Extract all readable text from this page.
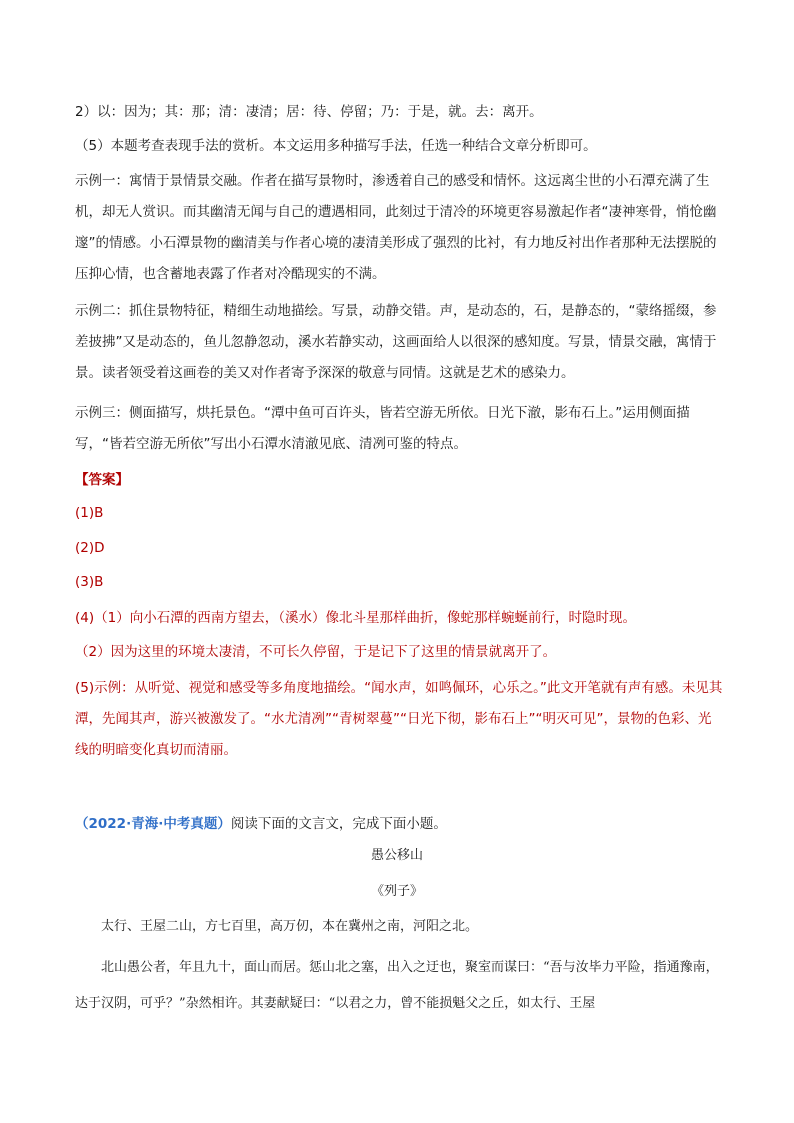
2）以：因为；其：那；清：凄清；居：待、停留；乃：于是，就。去：离开。

（5）本题考查表现手法的赏析。本文运用多种描写手法，任选一种结合文章分析即可。

示例一：寓情于景情景交融。作者在描写景物时，渗透着自己的感受和情怀。这远离尘世的小石潭充满了生机，却无人赏识。而其幽清无闻与自己的遭遇相同，此刻过于清冷的环境更容易激起作者“凄神寒骨，悄怆幽邃”的情感。小石潭景物的幽清美与作者心境的凄清美形成了强烈的比衬，有力地反衬出作者那种无法摆脱的压抑心情，也含蓄地表露了作者对冷酷现实的不满。

示例二：抓住景物特征，精细生动地描绘。写景，动静交错。声，是动态的，石，是静态的，“蒙络摇缀，参差披拂”又是动态的，鱼儿忽静忽动，溪水若静实动，这画面给人以很深的感知度。写景，情景交融，寓情于景。读者领受着这画卷的美又对作者寄予深深的敬意与同情。这就是艺术的感染力。

示例三：侧面描写，烘托景色。“潭中鱼可百许头，皆若空游无所依。日光下澈，影布石上。”运用侧面描写，“皆若空游无所依”写出小石潭水清澈见底、清冽可鉴的特点。

【答案】

(1)B

(2)D

(3)B

(4)（1）向小石潭的西南方望去，（溪水）像北斗星那样曲折，像蛇那样蜿蜒前行，时隐时现。

（2）因为这里的环境太凄清，不可长久停留，于是记下了这里的情景就离开了。

(5)示例：从听觉、视觉和感受等多角度地描绘。“闻水声，如鸣佩环，心乐之。”此文开笔就有声有感。未见其潭，先闻其声，游兴被激发了。“水尤清冽”“青树翠蔓”“日光下彻，影布石上”“明灭可见”，景物的色彩、光线的明暗变化真切而清丽。

（2022·青海·中考真题）阅读下面的文言文，完成下面小题。
愚公移山
《列子》

太行、王屋二山，方七百里，高万仞，本在冀州之南，河阳之北。

北山愚公者，年且九十，面山而居。惩山北之塞，出入之迂也，聚室而谋曰：“吾与汝毕力平险，指通豫南，达于汉阴，可乎？”杂然相许。其妻献疑曰：“以君之力，曾不能损魁父之丘，如太行、王屋
